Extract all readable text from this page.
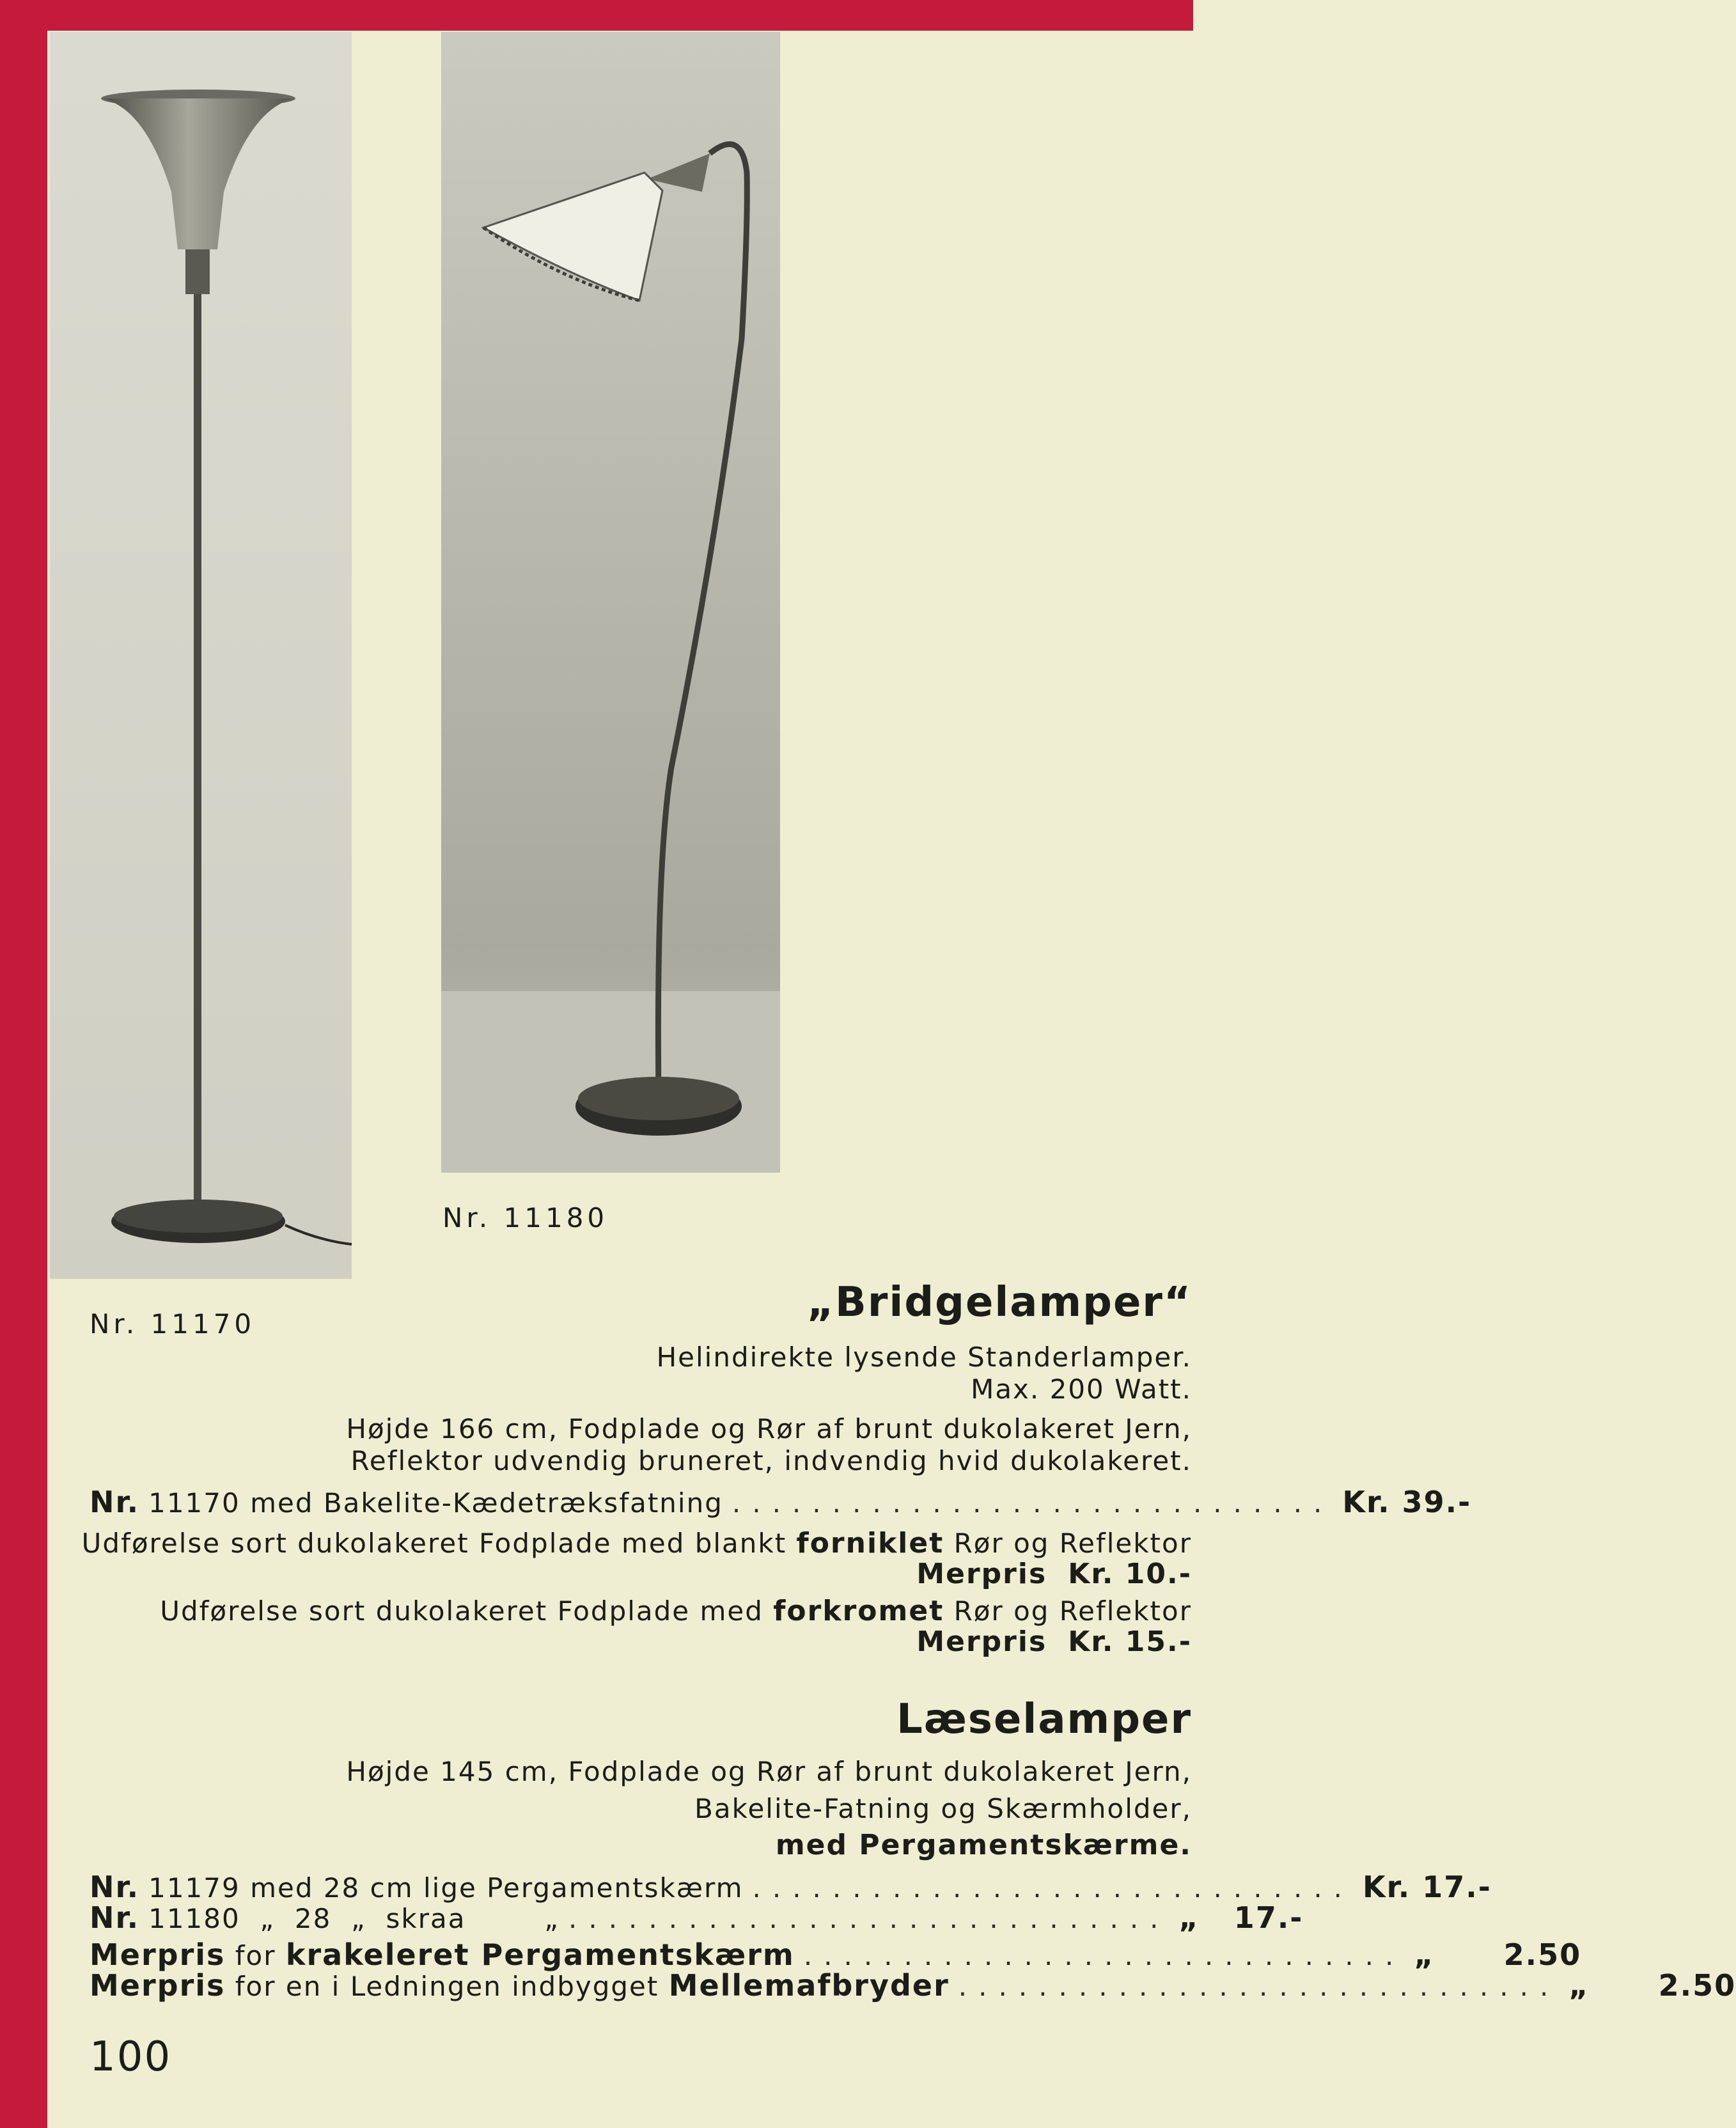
Nr. 11180
Nr. 11170	„Bridgelamper“
Helindirekte lysende Standerlamper.
Max. 200 Watt.
Højde 166 cm, Fodplade og Rør af brunt dukolakeret Jern,
Reflektor udvendig bruneret, indvendig hvid dukolakeret.
Nr. 11170 med Bakelite-Kædetræksfatning .............................. Kr. 39.-
Udførelse sort dukolakeret Fodplade med blankt forniklet Rør og Reflektor
Merpris Kr. 10.-
Udførelse sort dukolakeret Fodplade med forkromet Rør og Reflektor
Merpris Kr. 15.-
Læselamper
Højde 145 cm, Fodplade og Rør af brunt dukolakeret Jern,
Bakelite-Fatning og Skærmholder,
med Pergamentskærme.
Nr. 11179 med 28 cm lige Pergamentskærm .............................. Kr. 17.-
Nr. 11180  „  28  „  skraa        „ .............................. „   17.-
Merpris for krakeleret Pergamentskærm .............................. „      2.50
Merpris for en i Ledningen indbygget Mellemafbryder .............................. „      2.50
100
